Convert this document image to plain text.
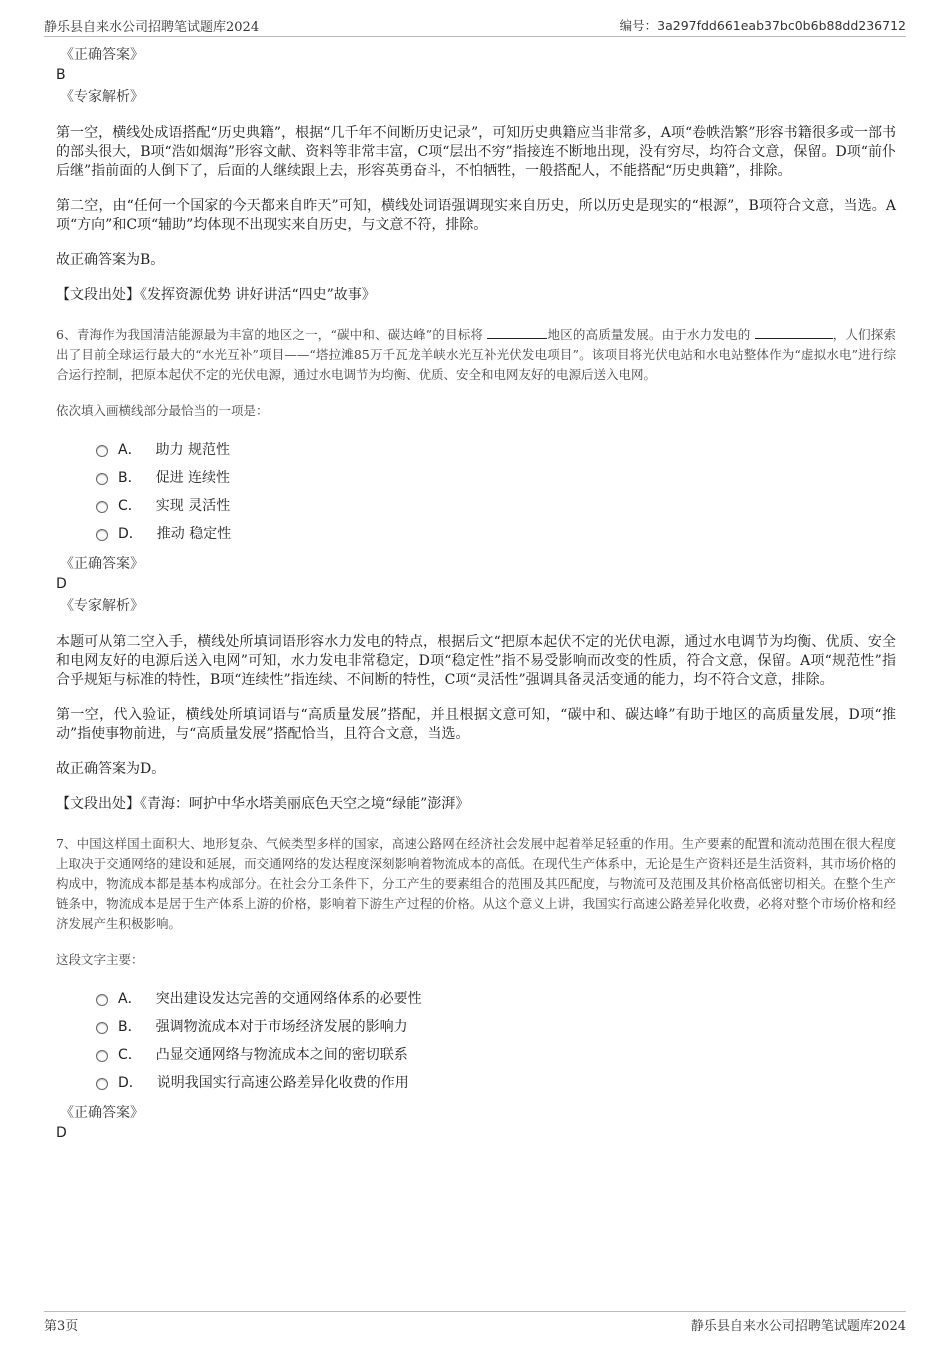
静乐县自来水公司招聘笔试题库2024	编号：3a297fdd661eab37bc0b6b88dd236712
《正确答案》
B
《专家解析》

第一空，横线处成语搭配“历史典籍”，根据“几千年不间断历史记录”，可知历史典籍应当非常多，A项“卷帙浩繁”形容书籍很多或一部书的部头很大，B项“浩如烟海”形容文献、资料等非常丰富，C项“层出不穷”指接连不断地出现，没有穷尽，均符合文意，保留。D项“前仆后继”指前面的人倒下了，后面的人继续跟上去，形容英勇奋斗，不怕牺牲，一般搭配人，不能搭配“历史典籍”，排除。

第二空，由“任何一个国家的今天都来自昨天”可知，横线处词语强调现实来自历史，所以历史是现实的“根源”，B项符合文意，当选。A项“方向”和C项“辅助”均体现不出现实来自历史，与文意不符，排除。

故正确答案为B。

【文段出处】《发挥资源优势 讲好讲活“四史”故事》

6、青海作为我国清洁能源最为丰富的地区之一，“碳中和、碳达峰”的目标将	地区的高质量发展。由于水力发电的	，人们探索出了目前全球运行最大的“水光互补”项目——“塔拉滩85万千瓦龙羊峡水光互补光伏发电项目”。该项目将光伏电站和水电站整体作为“虚拟水电”进行综合运行控制，把原本起伏不定的光伏电源，通过水电调节为均衡、优质、安全和电网友好的电源后送入电网。

依次填入画横线部分最恰当的一项是：
A． 助力 规范性
B． 促进 连续性
C． 实现 灵活性
D． 推动 稳定性
《正确答案》
D
《专家解析》

本题可从第二空入手，横线处所填词语形容水力发电的特点，根据后文“把原本起伏不定的光伏电源，通过水电调节为均衡、优质、安全和电网友好的电源后送入电网”可知，水力发电非常稳定，D项“稳定性”指不易受影响而改变的性质，符合文意，保留。A项“规范性”指合乎规矩与标准的特性，B项“连续性”指连续、不间断的特性，C项“灵活性”强调具备灵活变通的能力，均不符合文意，排除。

第一空，代入验证，横线处所填词语与“高质量发展”搭配，并且根据文意可知，“碳中和、碳达峰”有助于地区的高质量发展，D项“推动”指使事物前进，与“高质量发展”搭配恰当，且符合文意，当选。

故正确答案为D。

【文段出处】《青海：呵护中华水塔美丽底色天空之境“绿能”澎湃》

7、中国这样国土面积大、地形复杂、气候类型多样的国家，高速公路网在经济社会发展中起着举足轻重的作用。生产要素的配置和流动范围在很大程度上取决于交通网络的建设和延展，而交通网络的发达程度深刻影响着物流成本的高低。在现代生产体系中，无论是生产资料还是生活资料，其市场价格的构成中，物流成本都是基本构成部分。在社会分工条件下，分工产生的要素组合的范围及其匹配度，与物流可及范围及其价格高低密切相关。在整个生产链条中，物流成本是居于生产体系上游的价格，影响着下游生产过程的价格。从这个意义上讲，我国实行高速公路差异化收费，必将对整个市场价格和经济发展产生积极影响。

这段文字主要：
A． 突出建设发达完善的交通网络体系的必要性
B． 强调物流成本对于市场经济发展的影响力
C． 凸显交通网络与物流成本之间的密切联系
D． 说明我国实行高速公路差异化收费的作用
《正确答案》
D
第3页	静乐县自来水公司招聘笔试题库2024
